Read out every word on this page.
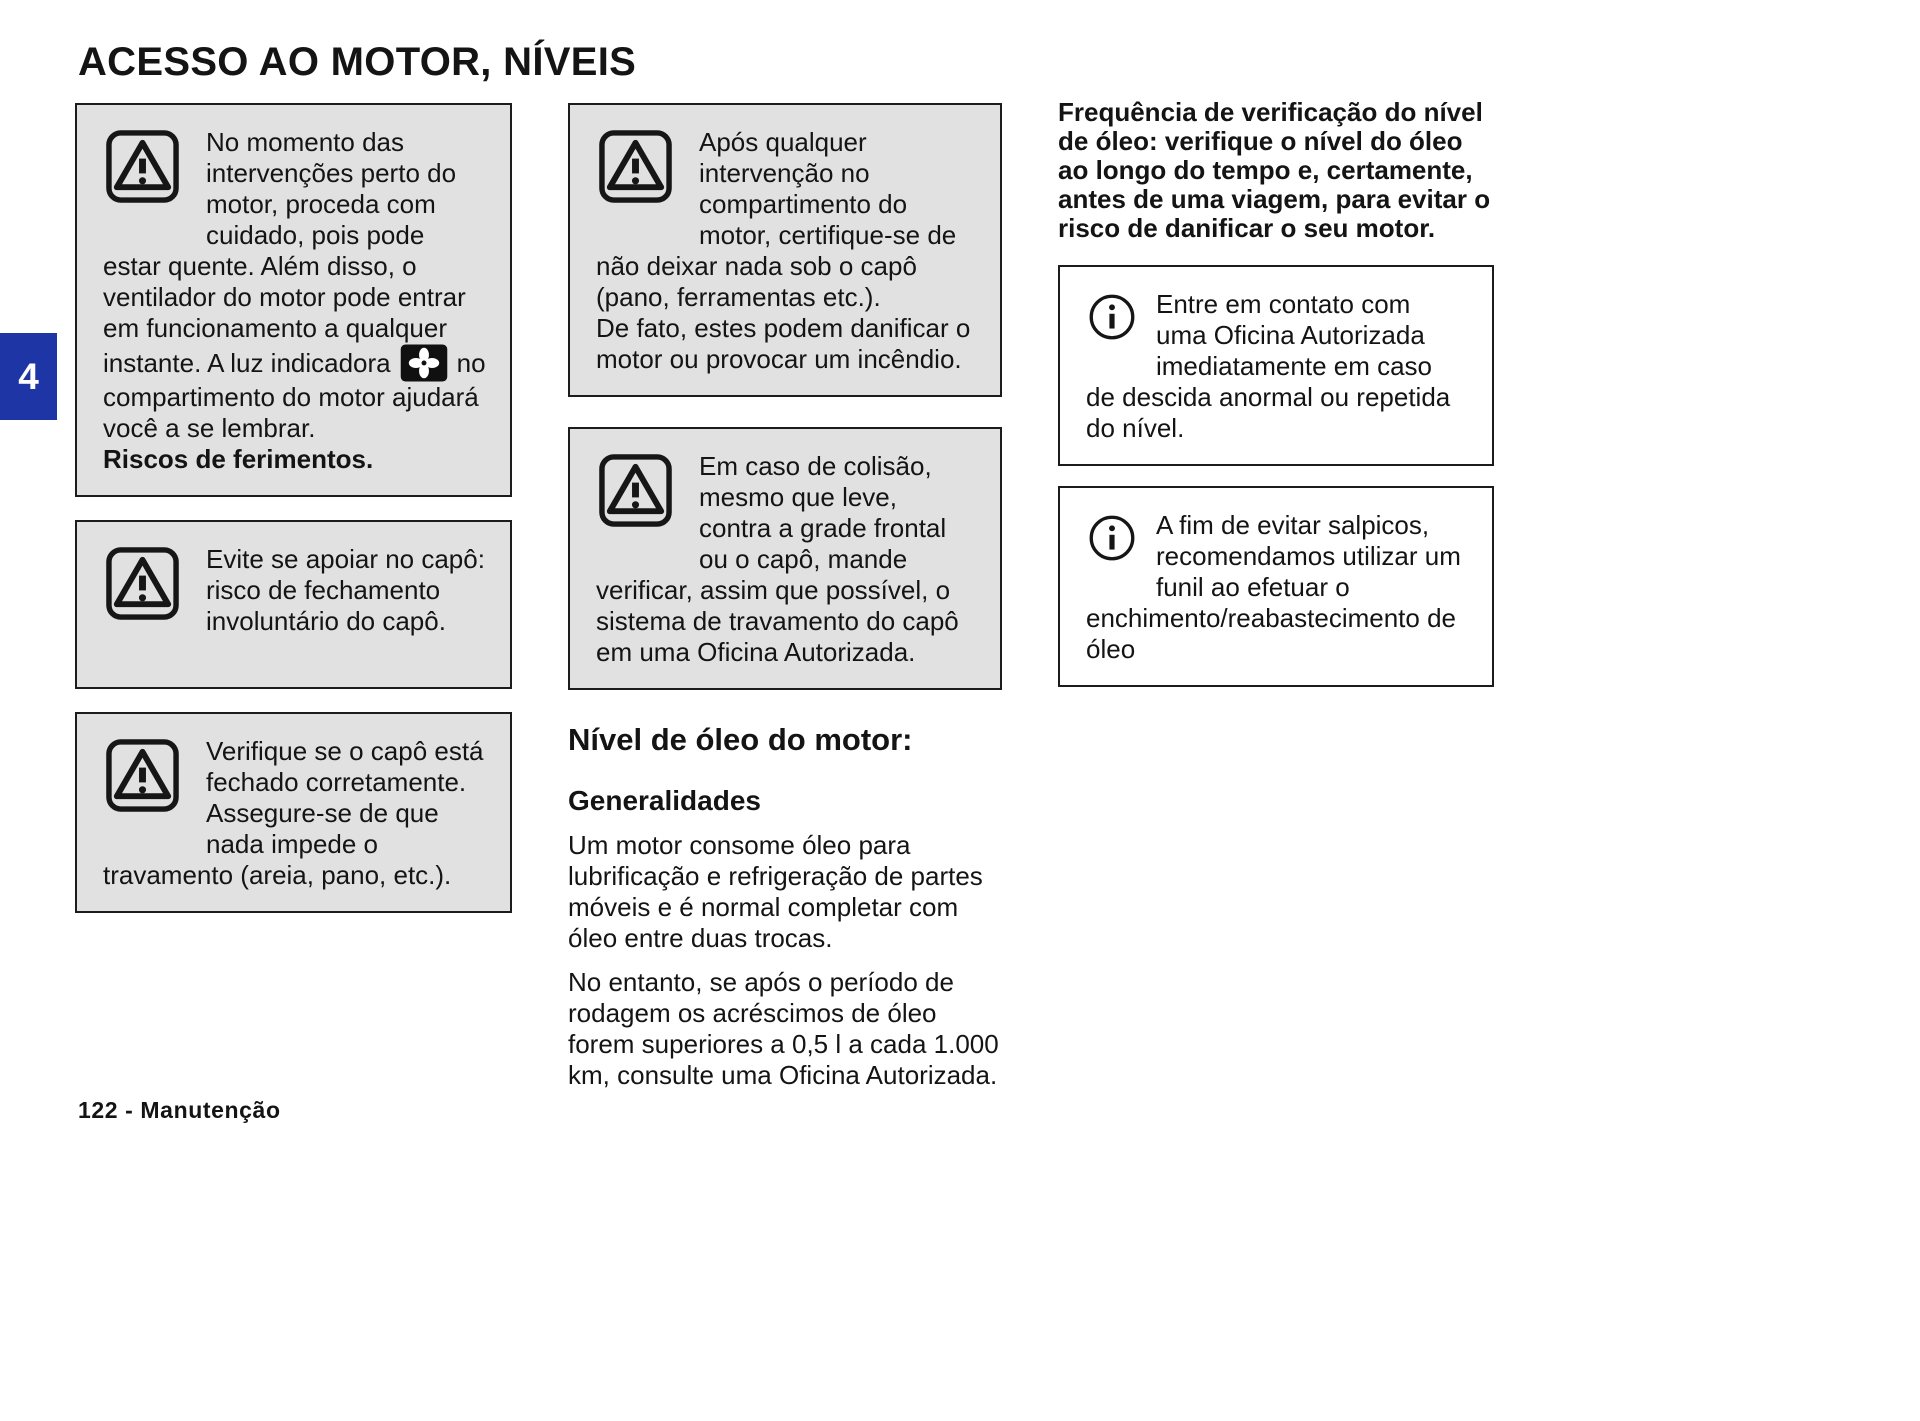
ACESSO AO MOTOR, NÍVEIS
4
No momento das intervenções perto do motor, proceda com cuidado, pois pode estar quente. Além disso, o ventilador do motor pode entrar em funcionamento a qualquer instante. A luz indicadora	no compartimento do motor ajudará você a se lembrar.
Riscos de ferimentos.
Evite se apoiar no capô: risco de fechamento involuntário do capô.
Verifique se o capô está fechado corretamente. Assegure-se de que nada impede o travamento (areia, pano, etc.).
Após qualquer intervenção no compartimento do motor, certifique-se de não deixar nada sob o capô (pano, ferramentas etc.).
De fato, estes podem danificar o motor ou provocar um incêndio.
Em caso de colisão, mesmo que leve, contra a grade frontal ou o capô, mande verificar, assim que possível, o sistema de travamento do capô em uma Oficina Autorizada.
Nível de óleo do motor:
Generalidades

Um motor consome óleo para lubrificação e refrigeração de partes móveis e é normal completar com óleo entre duas trocas.

No entanto, se após o período de rodagem os acréscimos de óleo forem superiores a 0,5 l a cada 1.000 km, consulte uma Oficina Autorizada.

Frequência de verificação do nível de óleo: verifique o nível do óleo ao longo do tempo e, certamente, antes de uma viagem, para evitar o risco de danificar o seu motor.

Entre em contato com uma Oficina Autorizada imediatamente em caso de descida anormal ou repetida do nível.
A fim de evitar salpicos, recomendamos utilizar um funil ao efetuar o enchimento/reabastecimento de óleo
122 - Manutenção
